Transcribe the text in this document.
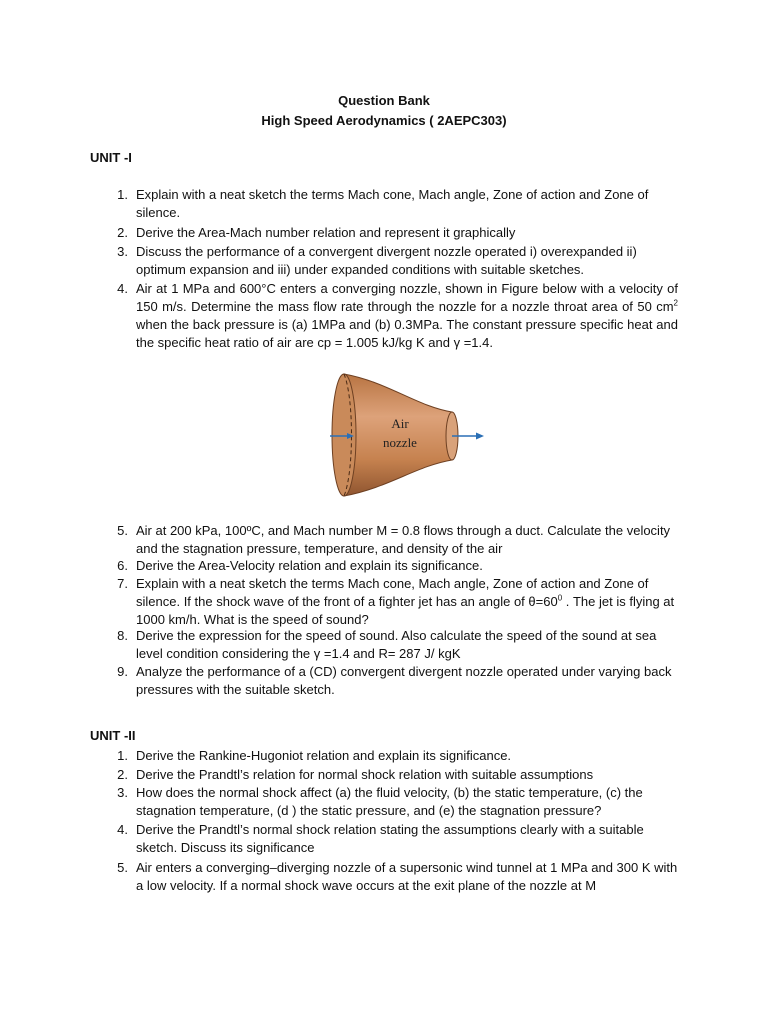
Question Bank
High Speed Aerodynamics ( 2AEPC303)
UNIT -I
1. Explain with a neat sketch the terms Mach cone, Mach angle, Zone of action and Zone of silence.
2. Derive the Area-Mach number relation and represent it graphically
3. Discuss the performance of a convergent divergent nozzle operated i) overexpanded ii) optimum expansion and iii) under expanded conditions with suitable sketches.
4. Air at 1 MPa and 600°C enters a converging nozzle, shown in Figure below with a velocity of 150 m/s. Determine the mass flow rate through the nozzle for a nozzle throat area of 50 $cm^2$ when the back pressure is (a) 1MPa and (b) 0.3MPa. The constant pressure specific heat and the specific heat ratio of air are cp = 1.005 kJ/kg K and γ =1.4.
Air
nozzle
5. Air at 200 kPa, 100ºC, and Mach number M = 0.8 flows through a duct. Calculate the velocity and the stagnation pressure, temperature, and density of the air
6. Derive the Area-Velocity relation and explain its significance.
7. Explain with a neat sketch the terms Mach cone, Mach angle, Zone of action and Zone of silence. If the shock wave of the front of a fighter jet has an angle of $\theta=60^0$ . The jet is flying at 1000 km/h. What is the speed of sound?
8. Derive the expression for the speed of sound. Also calculate the speed of the sound at sea level condition considering the γ =1.4 and R= 287 J/ kgK
9. Analyze the performance of a (CD) convergent divergent nozzle operated under varying back pressures with the suitable sketch.
UNIT -II
1. Derive the Rankine-Hugoniot relation and explain its significance.
2. Derive the Prandtl’s relation for normal shock relation with suitable assumptions
3. How does the normal shock affect (a) the fluid velocity, (b) the static temperature, (c) the stagnation temperature, (d ) the static pressure, and (e) the stagnation pressure?
4. Derive the Prandtl’s normal shock relation stating the assumptions clearly with a suitable sketch. Discuss its significance
5. Air enters a converging–diverging nozzle of a supersonic wind tunnel at 1 MPa and 300 K with a low velocity. If a normal shock wave occurs at the exit plane of the nozzle at M
